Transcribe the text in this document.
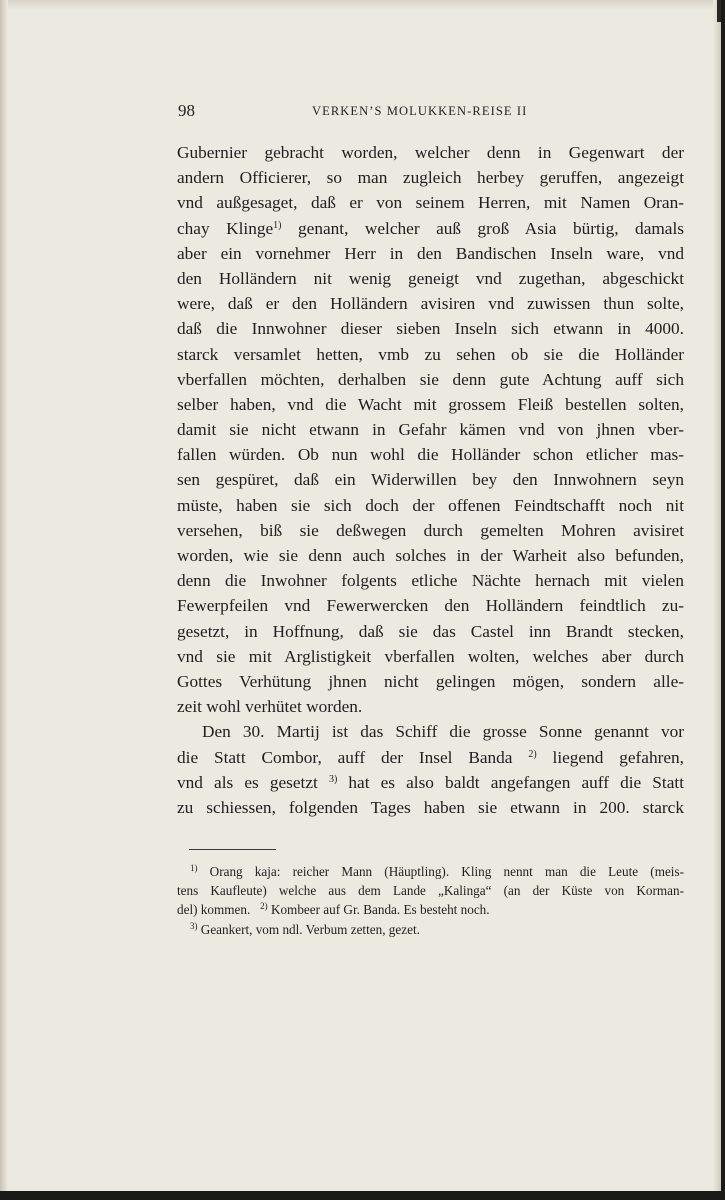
98	VERKEN’S MOLUKKEN-REISE II
Gubernier gebracht worden, welcher denn in Gegenwart der
andern Officierer, so man zugleich herbey geruffen, angezeigt
vnd außgesaget, daß er von seinem Herren, mit Namen Oran-
chay Klinge$^{1)}$ genant, welcher auß groß Asia bürtig, damals
aber ein vornehmer Herr in den Bandischen Inseln ware, vnd
den Holländern nit wenig geneigt vnd zugethan, abgeschickt
were, daß er den Holländern avisiren vnd zuwissen thun solte,
daß die Innwohner dieser sieben Inseln sich etwann in 4000.
starck versamlet hetten, vmb zu sehen ob sie die Holländer
vberfallen möchten, derhalben sie denn gute Achtung auff sich
selber haben, vnd die Wacht mit grossem Fleiß bestellen solten,
damit sie nicht etwann in Gefahr kämen vnd von jhnen vber-
fallen würden. Ob nun wohl die Holländer schon etlicher mas-
sen gespüret, daß ein Widerwillen bey den Innwohnern seyn
müste, haben sie sich doch der offenen Feindtschafft noch nit
versehen, biß sie deßwegen durch gemelten Mohren avisiret
worden, wie sie denn auch solches in der Warheit also befunden,
denn die Inwohner folgents etliche Nächte hernach mit vielen
Fewerpfeilen vnd Fewerwercken den Holländern feindtlich zu-
gesetzt, in Hoffnung, daß sie das Castel inn Brandt stecken,
vnd sie mit Arglistigkeit vberfallen wolten, welches aber durch
Gottes Verhütung jhnen nicht gelingen mögen, sondern alle-
zeit wohl verhütet worden.
Den 30. Martij ist das Schiff die grosse Sonne genannt vor
die Statt Combor, auff der Insel Banda $^{2)}$ liegend gefahren,
vnd als es gesetzt $^{3)}$ hat es also baldt angefangen auff die Statt
zu schiessen, folgenden Tages haben sie etwann in 200. starck
$^{1)}$ Orang kaja: reicher Mann (Häuptling). Kling nennt man die Leute (meis-
tens Kaufleute) welche aus dem Lande „Kalinga“ (an der Küste von Korman-
del) kommen. $^{2)}$ Kombeer auf Gr. Banda. Es besteht noch.
$^{3)}$ Geankert, vom ndl. Verbum zetten, gezet.
